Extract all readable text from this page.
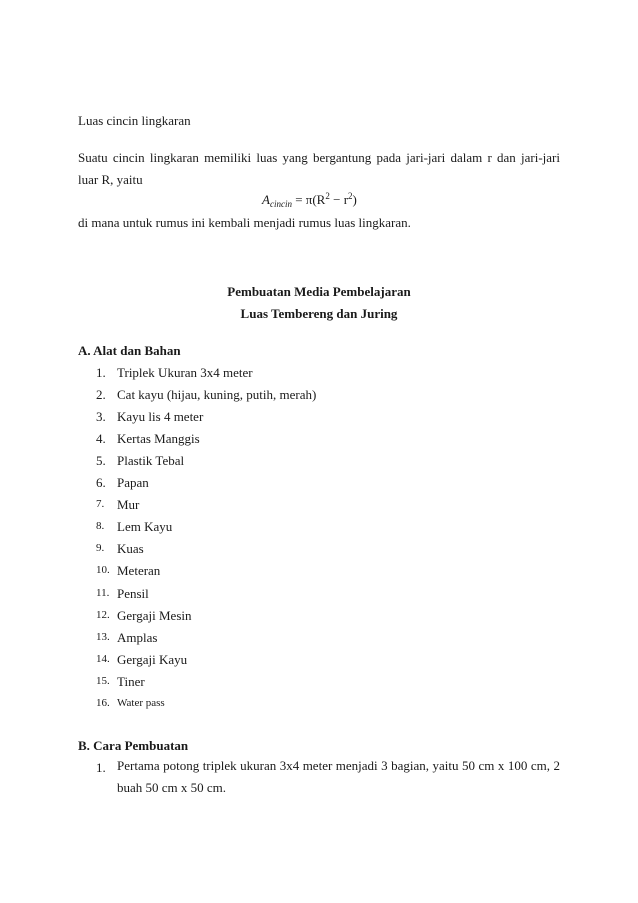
Luas cincin lingkaran
Suatu cincin lingkaran memiliki luas yang bergantung pada jari-jari dalam r dan jari-jari
luar R, yaitu
$A_{cincin} = \pi(R^2 - r^2)$
di mana untuk rumus ini kembali menjadi rumus luas lingkaran.
Pembuatan Media Pembelajaran
Luas Tembereng dan Juring
A. Alat dan Bahan
1. Triplek Ukuran 3x4 meter
2. Cat kayu (hijau, kuning, putih, merah)
3. Kayu lis 4 meter
4. Kertas Manggis
5. Plastik Tebal
6. Papan
7. Mur
8. Lem Kayu
9. Kuas
10. Meteran
11. Pensil
12. Gergaji Mesin
13. Amplas
14. Gergaji Kayu
15. Tiner
16. Water pass
B. Cara Pembuatan
1. Pertama potong triplek ukuran 3x4 meter menjadi 3 bagian, yaitu 50 cm x 100 cm, 2 buah 50 cm x 50 cm.
